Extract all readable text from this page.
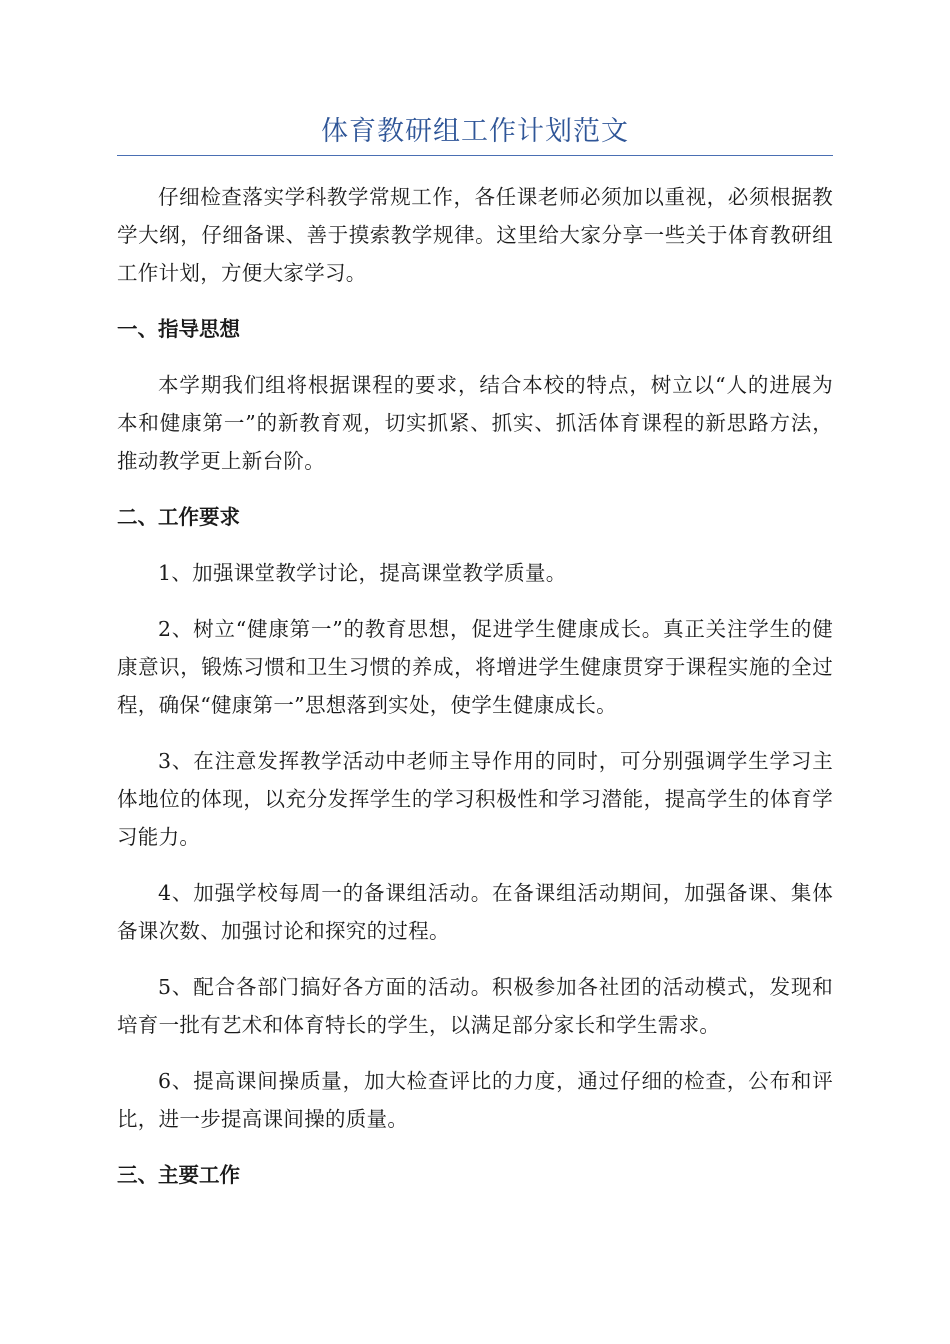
体育教研组工作计划范文

仔细检查落实学科教学常规工作，各任课老师必须加以重视，必须根据教学大纲，仔细备课、善于摸索教学规律。这里给大家分享一些关于体育教研组工作计划，方便大家学习。

一、指导思想

本学期我们组将根据课程的要求，结合本校的特点，树立以“人的进展为本和健康第一”的新教育观，切实抓紧、抓实、抓活体育课程的新思路方法，推动教学更上新台阶。

二、工作要求

1、加强课堂教学讨论，提高课堂教学质量。

2、树立“健康第一”的教育思想，促进学生健康成长。真正关注学生的健康意识，锻炼习惯和卫生习惯的养成，将增进学生健康贯穿于课程实施的全过程，确保“健康第一”思想落到实处，使学生健康成长。

3、在注意发挥教学活动中老师主导作用的同时，可分别强调学生学习主体地位的体现，以充分发挥学生的学习积极性和学习潜能，提高学生的体育学习能力。

4、加强学校每周一的备课组活动。在备课组活动期间，加强备课、集体备课次数、加强讨论和探究的过程。

5、配合各部门搞好各方面的活动。积极参加各社团的活动模式，发现和培育一批有艺术和体育特长的学生，以满足部分家长和学生需求。

6、提高课间操质量，加大检查评比的力度，通过仔细的检查，公布和评比，进一步提高课间操的质量。

三、主要工作
